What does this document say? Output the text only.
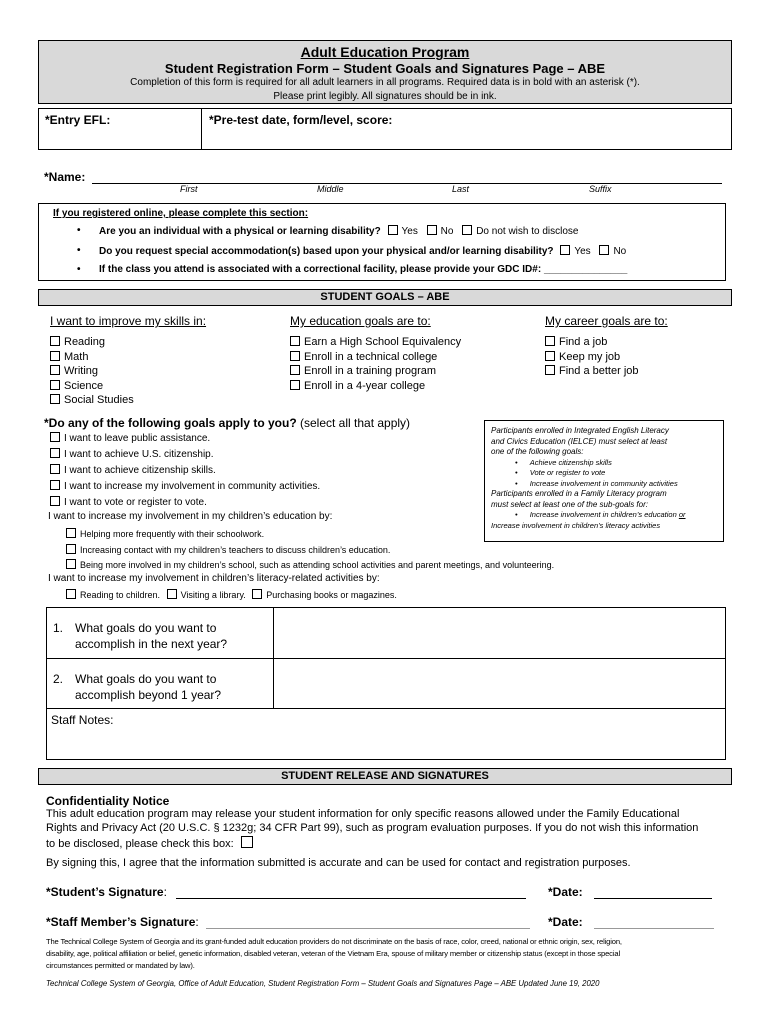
Adult Education Program
Student Registration Form – Student Goals and Signatures Page – ABE
Completion of this form is required for all adult learners in all programs. Required data is in bold with an asterisk (*).
Please print legibly. All signatures should be in ink.
*Entry EFL:	*Pre-test date, form/level, score:
*Name:
First	Middle	Last	Suffix
If you registered online, please complete this section:
• Are you an individual with a physical or learning disability? Yes No Do not wish to disclose
• Do you request special accommodation(s) based upon your physical and/or learning disability? Yes No
• If the class you attend is associated with a correctional facility, please provide your GDC ID#: _______________
STUDENT GOALS – ABE
I want to improve my skills in:
Reading
Math
Writing
Science
Social Studies
My education goals are to:
Earn a High School Equivalency
Enroll in a technical college
Enroll in a training program
Enroll in a 4-year college
My career goals are to:
Find a job
Keep my job
Find a better job
*Do any of the following goals apply to you? (select all that apply)
I want to leave public assistance.
I want to achieve U.S. citizenship.
I want to achieve citizenship skills.
I want to increase my involvement in community activities.
I want to vote or register to vote.
I want to increase my involvement in my children’s education by:
Helping more frequently with their schoolwork.
Increasing contact with my children’s teachers to discuss children’s education.
Being more involved in my children’s school, such as attending school activities and parent meetings, and volunteering.
I want to increase my involvement in children’s literacy-related activities by:
Reading to children. Visiting a library. Purchasing books or magazines.
Participants enrolled in Integrated English Literacy
and Civics Education (IELCE) must select at least
one of the following goals:
• Achieve citizenship skills
• Vote or register to vote
• Increase involvement in community activities
Participants enrolled in a Family Literacy program
must select at least one of the sub-goals for:
• Increase involvement in children’s education or
Increase involvement in children’s literacy activities
1. What goals do you want to
accomplish in the next year?
2. What goals do you want to
accomplish beyond 1 year?
Staff Notes:
STUDENT RELEASE AND SIGNATURES
Confidentiality Notice
This adult education program may release your student information for only specific reasons allowed under the Family Educational
Rights and Privacy Act (20 U.S.C. § 1232g; 34 CFR Part 99), such as program evaluation purposes. If you do not wish this information
to be disclosed, please check this box:
By signing this, I agree that the information submitted is accurate and can be used for contact and registration purposes.
*Student’s Signature:	*Date:
*Staff Member’s Signature:	*Date:
The Technical College System of Georgia and its grant-funded adult education providers do not discriminate on the basis of race, color, creed, national or ethnic origin, sex, religion,
disability, age, political affiliation or belief, genetic information, disabled veteran, veteran of the Vietnam Era, spouse of military member or citizenship status (except in those special
circumstances permitted or mandated by law).
Technical College System of Georgia, Office of Adult Education, Student Registration Form – Student Goals and Signatures Page – ABE Updated June 19, 2020
